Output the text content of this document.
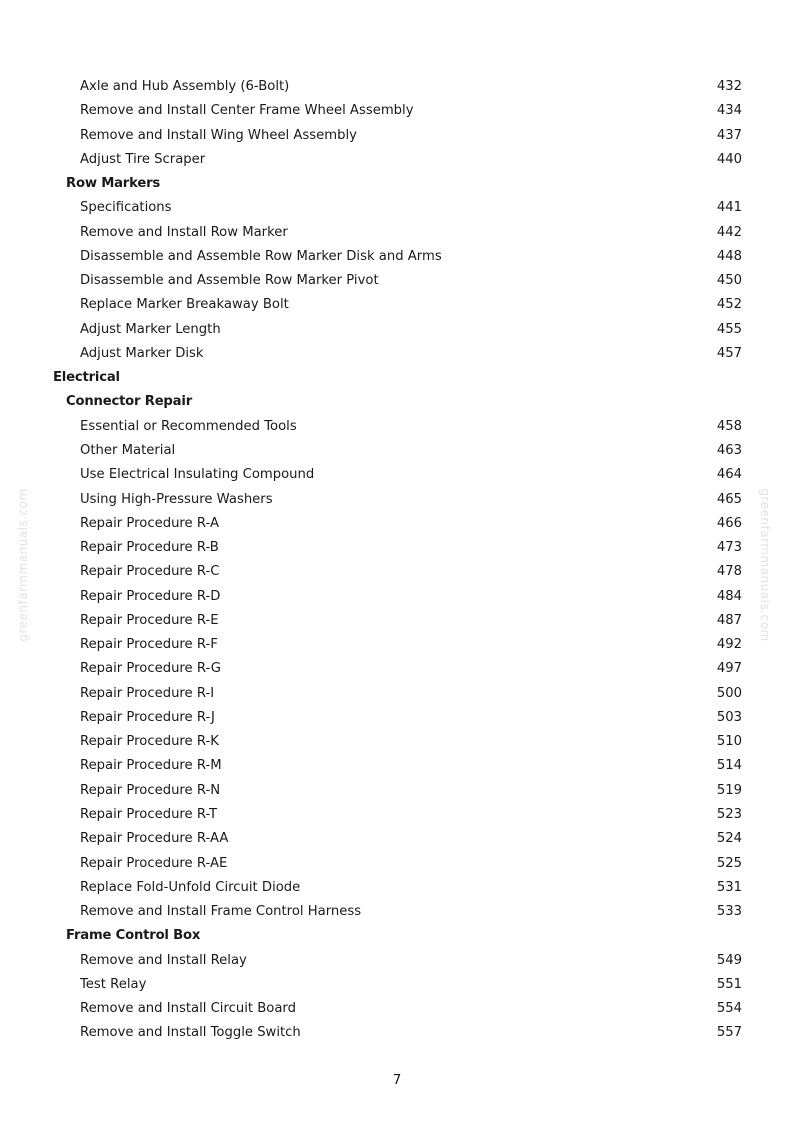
greenfarmmanuals.com	greenfarmmanuals.com
Axle and Hub Assembly (6-Bolt)	432
Remove and Install Center Frame Wheel Assembly	434
Remove and Install Wing Wheel Assembly	437
Adjust Tire Scraper	440
Row Markers
Specifications	441
Remove and Install Row Marker	442
Disassemble and Assemble Row Marker Disk and Arms	448
Disassemble and Assemble Row Marker Pivot	450
Replace Marker Breakaway Bolt	452
Adjust Marker Length	455
Adjust Marker Disk	457
Electrical
Connector Repair
Essential or Recommended Tools	458
Other Material	463
Use Electrical Insulating Compound	464
Using High-Pressure Washers	465
Repair Procedure R-A	466
Repair Procedure R-B	473
Repair Procedure R-C	478
Repair Procedure R-D	484
Repair Procedure R-E	487
Repair Procedure R-F	492
Repair Procedure R-G	497
Repair Procedure R-I	500
Repair Procedure R-J	503
Repair Procedure R-K	510
Repair Procedure R-M	514
Repair Procedure R-N	519
Repair Procedure R-T	523
Repair Procedure R-AA	524
Repair Procedure R-AE	525
Replace Fold-Unfold Circuit Diode	531
Remove and Install Frame Control Harness	533
Frame Control Box
Remove and Install Relay	549
Test Relay	551
Remove and Install Circuit Board	554
Remove and Install Toggle Switch	557
7
